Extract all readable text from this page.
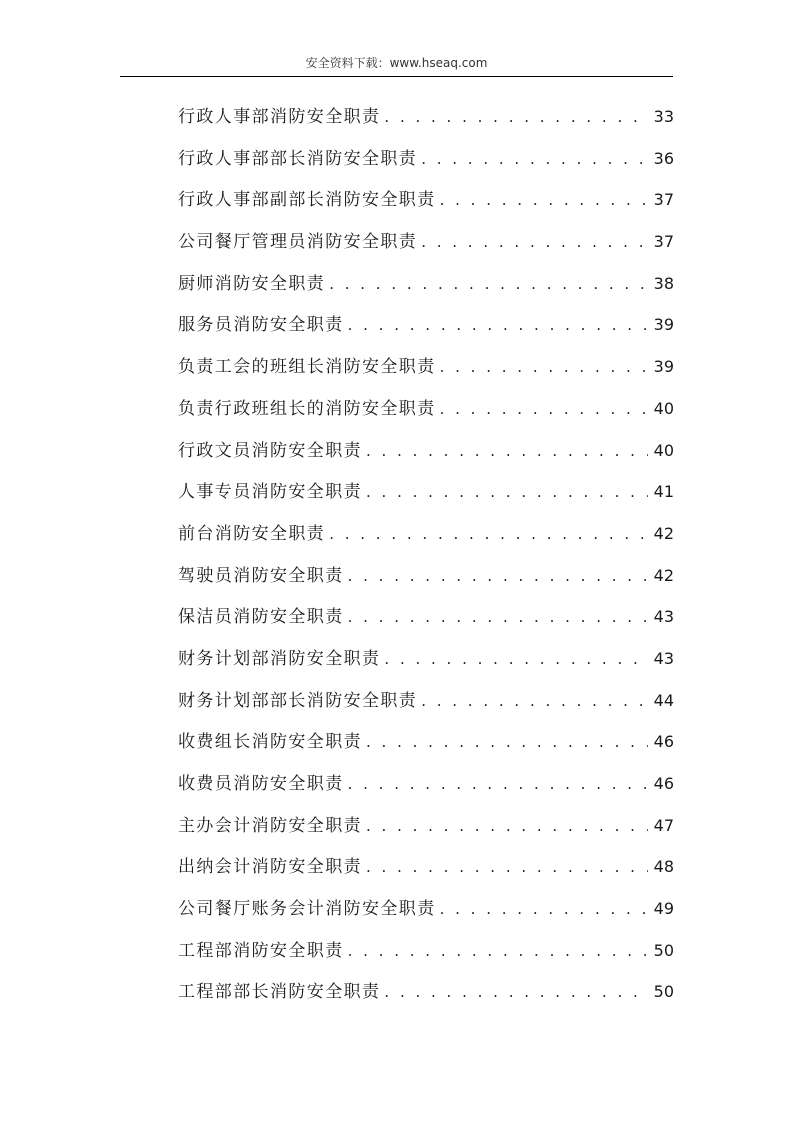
安全资料下载：www.hseaq.com
行政人事部消防安全职责 . . .	33
行政人事部部长消防安全职责 . . .	36
行政人事部副部长消防安全职责 . . .	37
公司餐厅管理员消防安全职责 . . .	37
厨师消防安全职责 . . .	38
服务员消防安全职责 . . .	39
负责工会的班组长消防安全职责 . . .	39
负责行政班组长的消防安全职责 . . .	40
行政文员消防安全职责 . . .	40
人事专员消防安全职责 . . .	41
前台消防安全职责 . . .	42
驾驶员消防安全职责 . . .	42
保洁员消防安全职责 . . .	43
财务计划部消防安全职责 . . .	43
财务计划部部长消防安全职责 . . .	44
收费组长消防安全职责 . . .	46
收费员消防安全职责 . . .	46
主办会计消防安全职责 . . .	47
出纳会计消防安全职责 . . .	48
公司餐厅账务会计消防安全职责 . . .	49
工程部消防安全职责 . . .	50
工程部部长消防安全职责 . . .	50
